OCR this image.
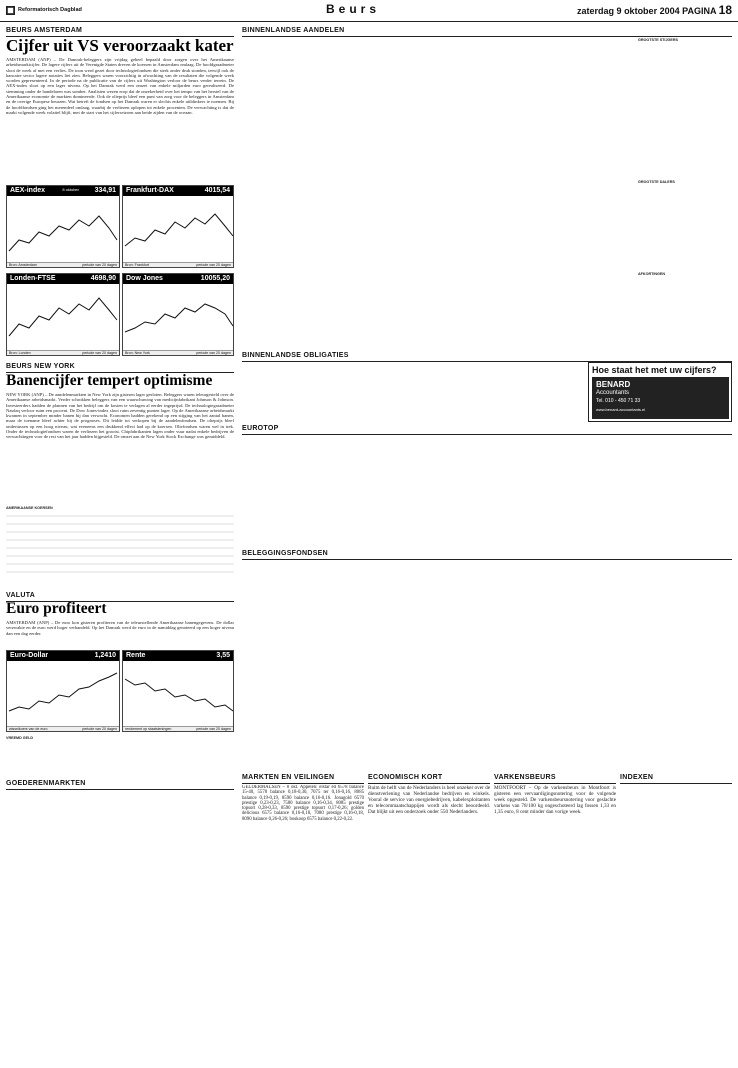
Reformatorisch Dagblad	Beurs	zaterdag 9 oktober 2004 PAGINA 18
BEURS AMSTERDAM
Cijfer uit VS veroorzaakt kater
AMSTERDAM (ANP) – De Damrak-beleggers zijn vrijdag geheel bepaald door zorgen over het Amerikaanse arbeidsmarktcijfer. De lagere cijfers uit de Verenigde Staten dreven de koersen in Amsterdam omlaag. De hoofdgraadmeter sloot de week af met een verlies. De toon werd gezet door technologiefondsen die sterk onder druk stonden, terwijl ook de bancaire sector lagere notaties liet zien. Beleggers waren voorzichtig in afwachting van de resultaten die volgende week worden gepresenteerd. In de periode na de publicatie van de cijfers uit Washington verloor de beurs verder terrein. De AEX-index sloot op een lager niveau. Op het Damrak werd een omzet van enkele miljarden euro gerealiseerd. De stemming onder de handelaren was somber. Analisten wezen erop dat de onzekerheid over het tempo van het herstel van de Amerikaanse economie de markten domineerde. Ook de olieprijs bleef een punt van zorg voor de beleggers in Amsterdam en de overige Europese beurzen. Wat betreft de fondsen op het Damrak waren er slechts enkele uitblinkers te noemen. Bij de hoofdfondsen ging het merendeel omlaag, waarbij de verliezen oplopen tot enkele procenten. De verwachting is dat de markt volgende week volatiel blijft, met de start van het cijferseizoen aan beide zijden van de oceaan.
AEX-index	8 oktober 334,91
Bron: Amsterdam	periode van 20 dagen
Frankfurt-DAX	4015,54
Bron: Frankfurt	periode van 20 dagen
Londen-FTSE	4698,90
Bron: Londen	periode van 20 dagen
Dow Jones	10055,20
Bron: New York	periode van 20 dagen
BEURS NEW YORK
Banencijfer tempert optimisme
NEW YORK (ANP) – De aandelenmarkten in New York zijn gisteren lager gesloten. Beleggers waren teleurgesteld over de Amerikaanse arbeidsmarkt. Verder schrokken beleggers van een waarschuwing van medicijnfabrikant Johnson & Johnson. Investeerders hadden de plannen van het bedrijf om de kosten te verlagen al eerder ingeprijsd. De technologiegraadmeter Nasdaq verloor ruim een procent. De Dow Jones-index sloot ruim zeventig punten lager. Op de Amerikaanse arbeidsmarkt kwamen in september minder banen bij dan verwacht. Economen hadden gerekend op een stijging van het aantal banen, maar de toename bleef achter bij de prognoses. Dit leidde tot verkopen bij de aandelenfondsen. De olieprijs bleef ondertussen op een hoog niveau, wat eveneens een drukkend effect had op de koersen. Oliefondsen waren wel in trek. Onder de technologiefondsen waren de verliezen het grootst. Chipfabrikanten lagen onder vuur nadat enkele bedrijven de verwachtingen voor de rest van het jaar hadden bijgesteld. De omzet aan de New York Stock Exchange was gemiddeld.
AMERIKAANSE KOERSEN
VALUTA
Euro profiteert
AMSTERDAM (ANP) – De euro kon gisteren profiteren van de teleurstellende Amerikaanse banengegevens. De dollar verzwakte en de euro werd hoger verhandeld. Op het Damrak werd de euro in de namiddag genoteerd op een hoger niveau dan een dag eerder.
Euro-Dollar	1,2410
wisselkoers van de euro	periode van 20 dagen
Rente	3,55
rendement op staatsleningen	periode van 20 dagen
VREEMD GELD
GOEDERENMARKTEN
BINNENLANDSE AANDELEN
GROOTSTE STIJGERS
GROOTSTE DALERS
AFKORTINGEN
BINNENLANDSE OBLIGATIES
Hoe staat het met uw cijfers?
BENARD
Accountants
Tel. 010 - 450 71 33
www.benard-accountants.nl
EUROTOP
BELEGGINGSFONDSEN
MARKTEN EN VEILINGEN
GELDERMALSEN – 8 okt. Appelen: elstar ed 6578 balance 15-40, 5578 balance 0,18-0,30, 7075 ter 0,16-0,16, 8085 balance 0,19-0,19, 8590 balance 0,16-0,16. Jonagold 6570 prestige 0,23-0,23, 7580 balance 0,16-0,34, 8085 prestige topsort 0,28-0,33, 8590 prestige topsort 0,17-0,26; golden delicious 6575 balance 0,16-0,18, 7080 prestige 0,16-0,18, 8090 balance 0,26-0,26; boskoop 6575 balance 0,22-0,22.
ECONOMISCH KORT
Ruim de helft van de Nederlanders is heel onzeker over de dienstverlening van Nederlandse bedrijven en winkels. Vooral de service van energiebedrijven, kabelexploitanten en telecommaatschappijen wordt als slecht beoordeeld. Dat blijkt uit een onderzoek onder 550 Nederlanders.
VARKENSBEURS
MONTFOORT – Op de varkensbeurs in Montfoort is gisteren een vervaardigingsnotering voor de volgende week opgesteld. De varkensbeursnotering voor geslachte varkens van 78/100 kg ongeschoteerd lag fossen 1,33 en 1,35 euro, 8 cent minder dan vorige week.
INDEXEN
